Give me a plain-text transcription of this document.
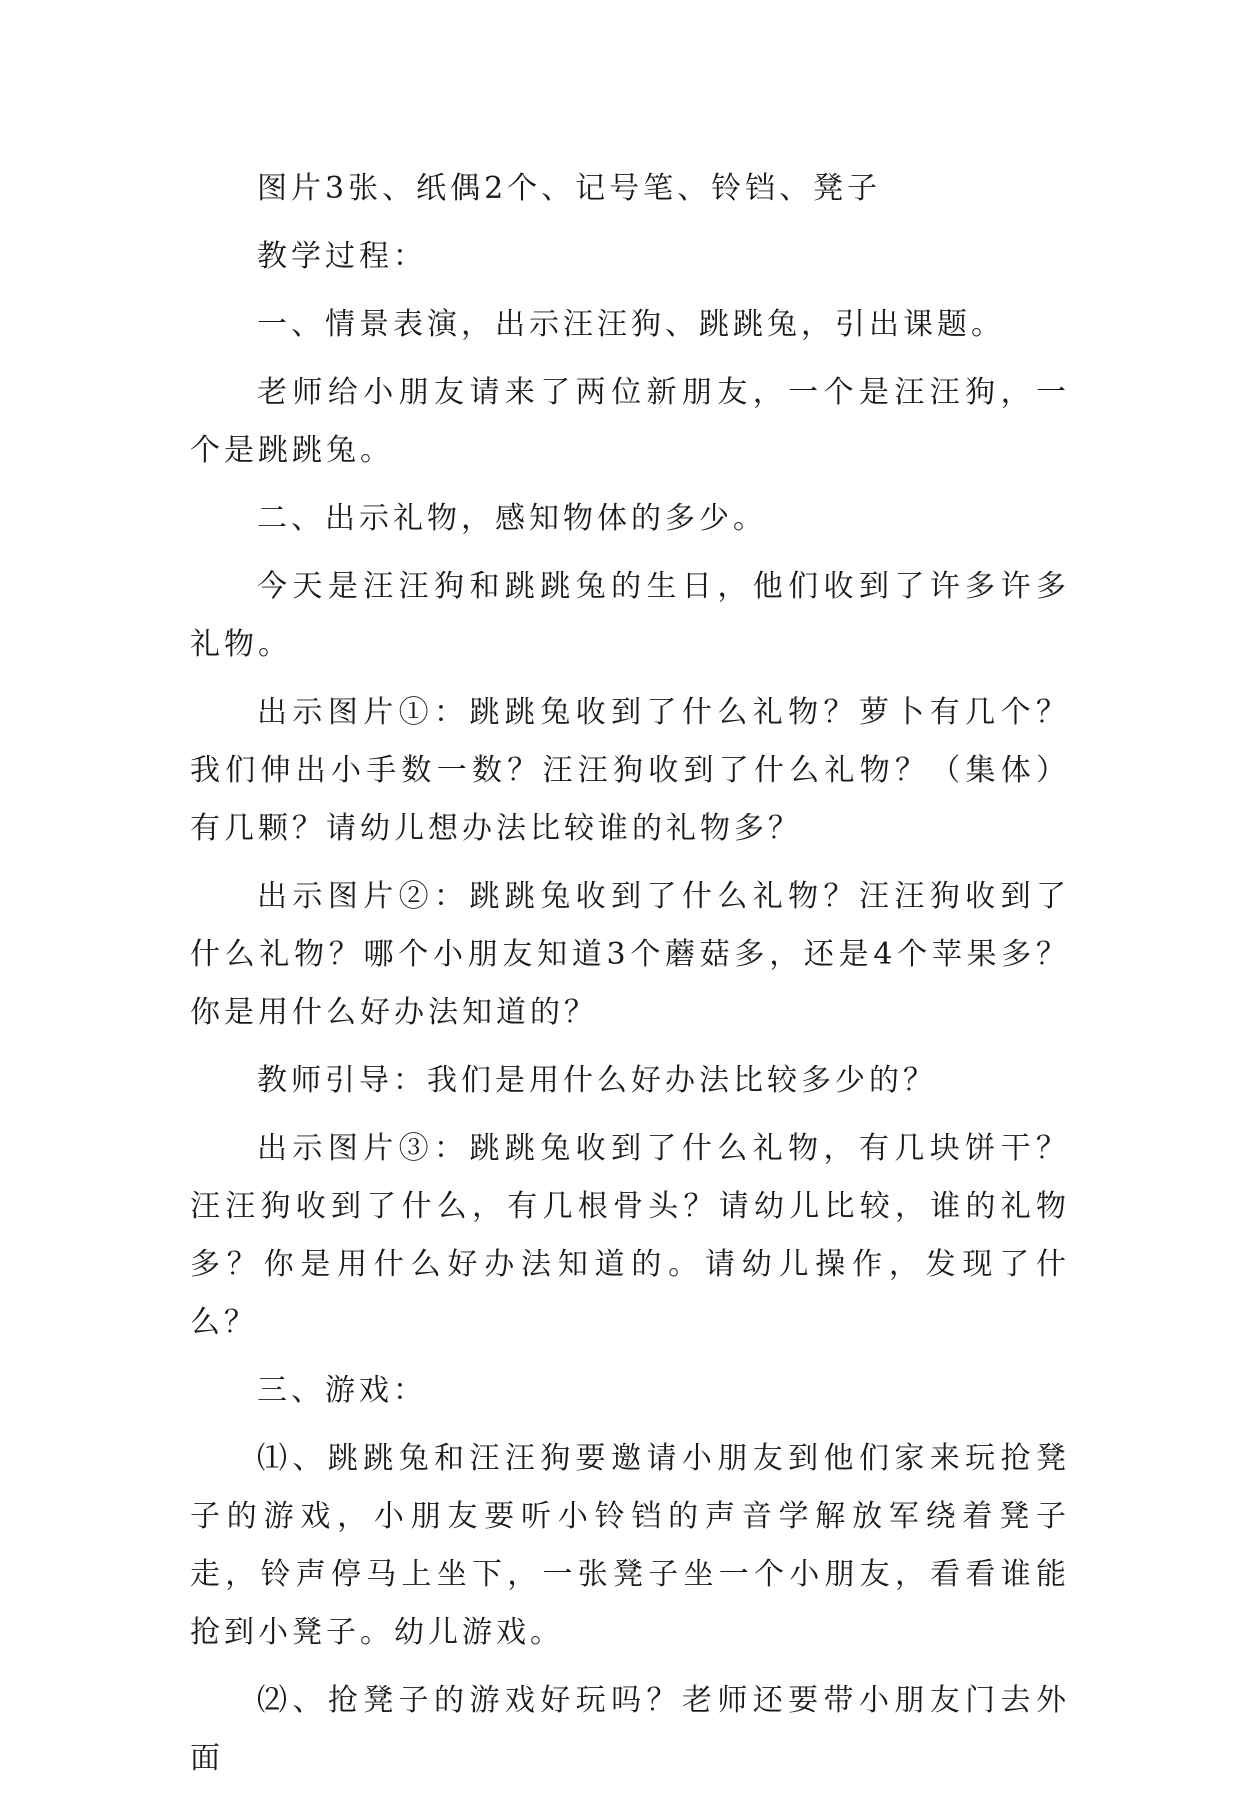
图片3张、纸偶2个、记号笔、铃铛、凳子

教学过程：

一、情景表演，出示汪汪狗、跳跳兔，引出课题。

老师给小朋友请来了两位新朋友，一个是汪汪狗，一个是跳跳兔。

二、出示礼物，感知物体的多少。

今天是汪汪狗和跳跳兔的生日，他们收到了许多许多礼物。

出示图片①：跳跳兔收到了什么礼物？萝卜有几个？我们伸出小手数一数？汪汪狗收到了什么礼物？（集体）有几颗？请幼儿想办法比较谁的礼物多？

出示图片②：跳跳兔收到了什么礼物？汪汪狗收到了什么礼物？哪个小朋友知道3个蘑菇多，还是4个苹果多？你是用什么好办法知道的？

教师引导：我们是用什么好办法比较多少的？

出示图片③：跳跳兔收到了什么礼物，有几块饼干？汪汪狗收到了什么，有几根骨头？请幼儿比较，谁的礼物多？你是用什么好办法知道的。请幼儿操作，发现了什么？

三、游戏：

⑴、跳跳兔和汪汪狗要邀请小朋友到他们家来玩抢凳子的游戏，小朋友要听小铃铛的声音学解放军绕着凳子走，铃声停马上坐下，一张凳子坐一个小朋友，看看谁能抢到小凳子。幼儿游戏。

⑵、抢凳子的游戏好玩吗？老师还要带小朋友门去外面
